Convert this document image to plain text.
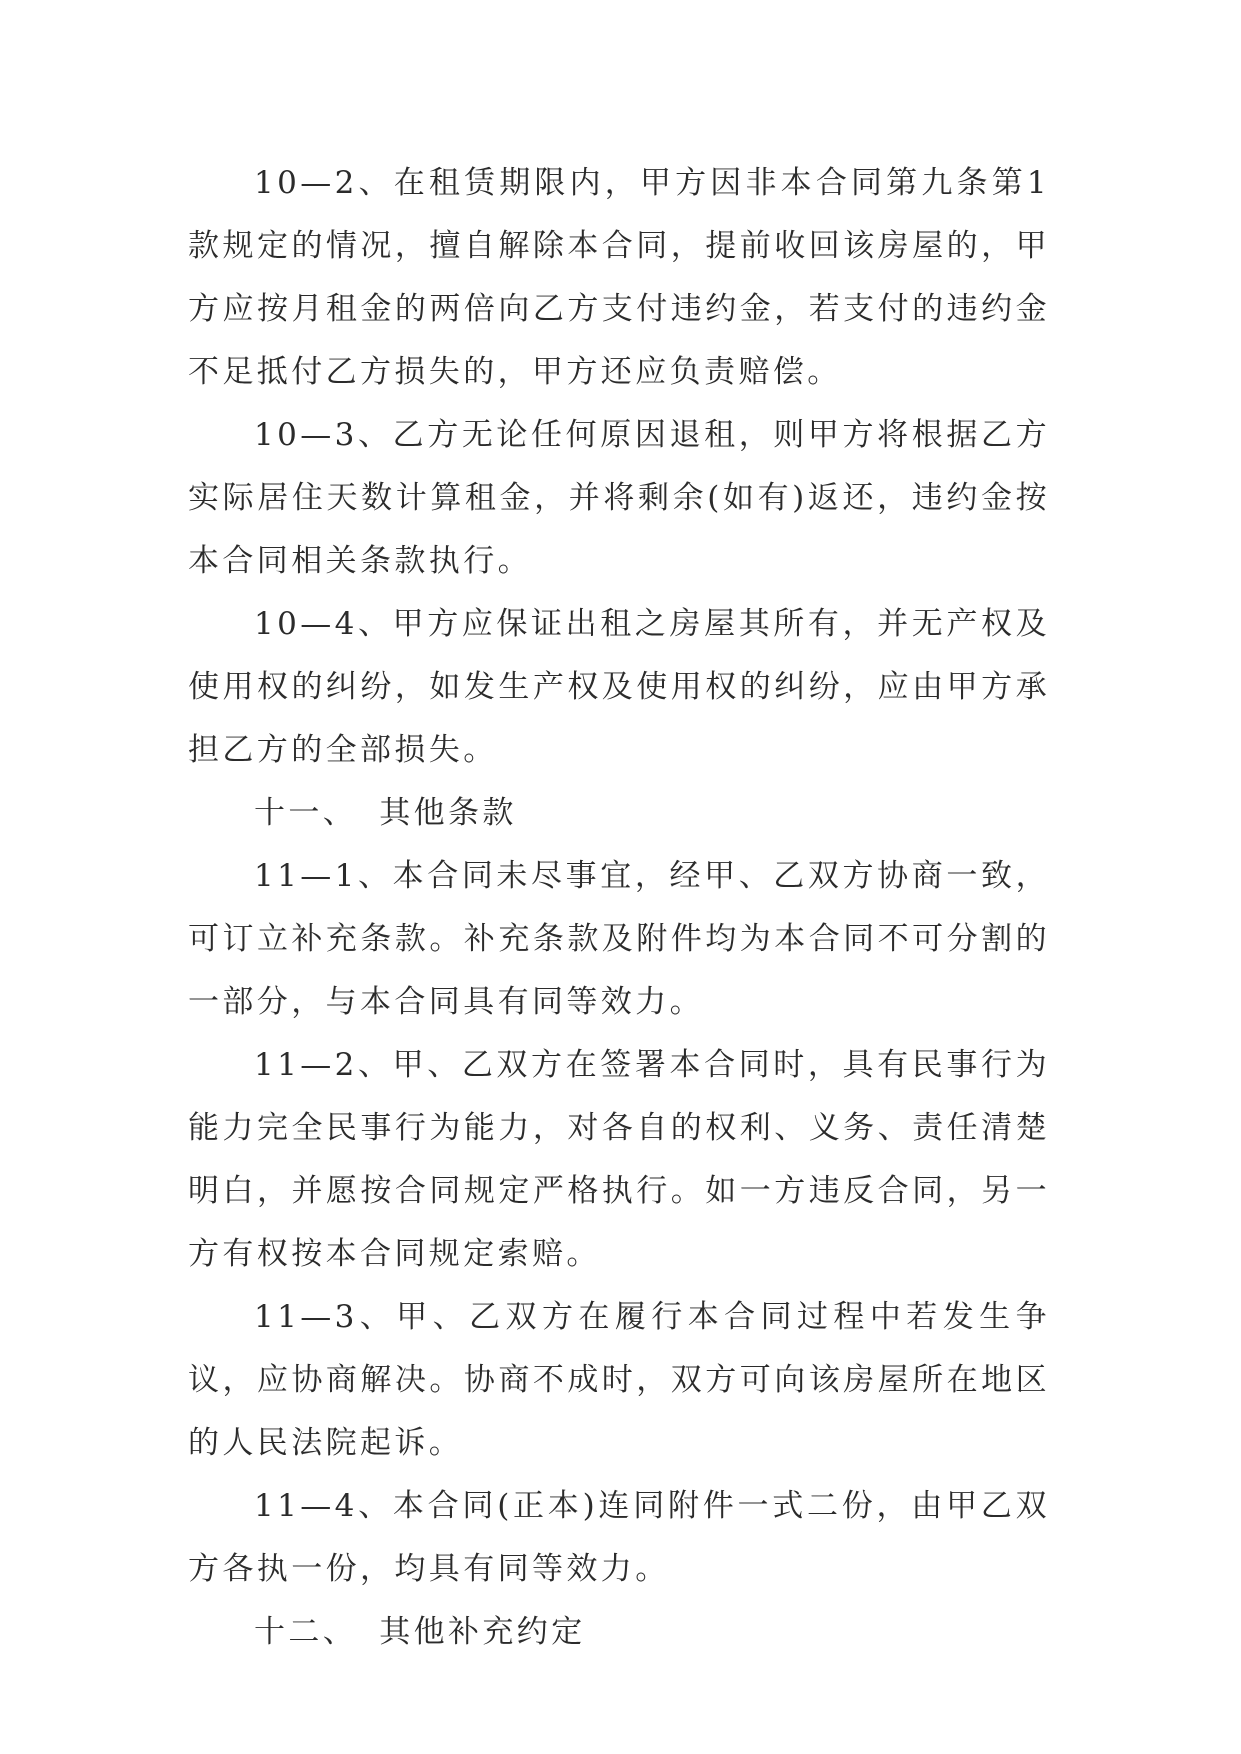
10—2、在租赁期限内，甲方因非本合同第九条第1款规定的情况，擅自解除本合同，提前收回该房屋的，甲方应按月租金的两倍向乙方支付违约金，若支付的违约金不足抵付乙方损失的，甲方还应负责赔偿。

10—3、乙方无论任何原因退租，则甲方将根据乙方实际居住天数计算租金，并将剩余(如有)返还，违约金按本合同相关条款执行。

10—4、甲方应保证出租之房屋其所有，并无产权及使用权的纠纷，如发生产权及使用权的纠纷，应由甲方承担乙方的全部损失。

十一、 其他条款

11—1、本合同未尽事宜，经甲、乙双方协商一致，可订立补充条款。补充条款及附件均为本合同不可分割的一部分，与本合同具有同等效力。

11—2、甲、乙双方在签署本合同时，具有民事行为能力完全民事行为能力，对各自的权利、义务、责任清楚明白，并愿按合同规定严格执行。如一方违反合同，另一方有权按本合同规定索赔。

11—3、甲、乙双方在履行本合同过程中若发生争议，应协商解决。协商不成时，双方可向该房屋所在地区的人民法院起诉。

11—4、本合同(正本)连同附件一式二份，由甲乙双方各执一份，均具有同等效力。

十二、 其他补充约定
